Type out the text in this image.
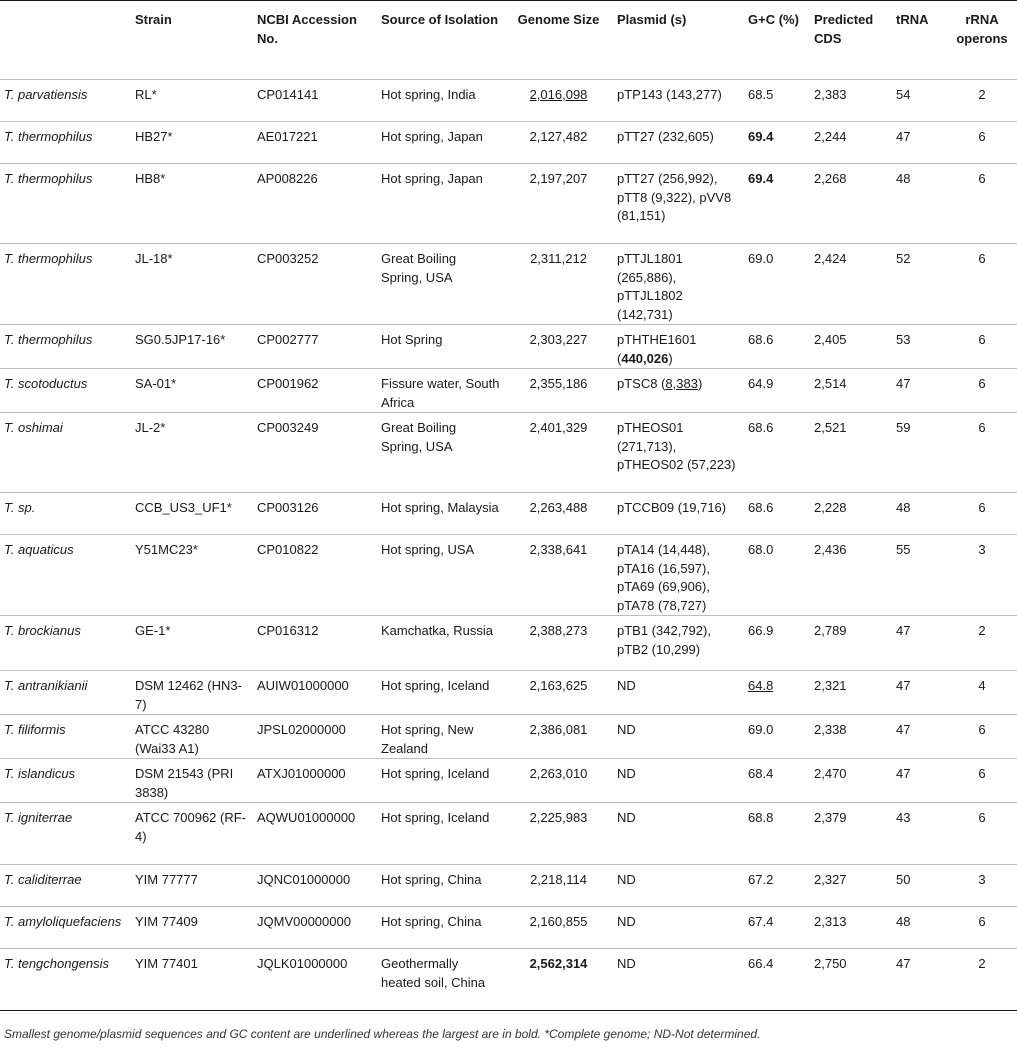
	Strain	NCBI Accession No.	Source of Isolation	Genome Size	Plasmid (s)	G+C (%)	Predicted CDS	tRNA	rRNA operons
T. parvatiensis	RL*	CP014141	Hot spring, India	2,016,098	pTP143 (143,277)	68.5	2,383	54	2
T. thermophilus	HB27*	AE017221	Hot spring, Japan	2,127,482	pTT27 (232,605)	69.4	2,244	47	6
T. thermophilus	HB8*	AP008226	Hot spring, Japan	2,197,207	pTT27 (256,992), pTT8 (9,322), pVV8 (81,151)	69.4	2,268	48	6
T. thermophilus	JL-18*	CP003252	Great Boiling Spring, USA	2,311,212	pTTJL1801 (265,886), pTTJL1802 (142,731)	69.0	2,424	52	6
T. thermophilus	SG0.5JP17-16*	CP002777	Hot Spring	2,303,227	pTHTHE1601 (440,026)	68.6	2,405	53	6
T. scotoductus	SA-01*	CP001962	Fissure water, South Africa	2,355,186	pTSC8 (8,383)	64.9	2,514	47	6
T. oshimai	JL-2*	CP003249	Great Boiling Spring, USA	2,401,329	pTHEOS01 (271,713), pTHEOS02 (57,223)	68.6	2,521	59	6
T. sp.	CCB_US3_UF1*	CP003126	Hot spring, Malaysia	2,263,488	pTCCB09 (19,716)	68.6	2,228	48	6
T. aquaticus	Y51MC23*	CP010822	Hot spring, USA	2,338,641	pTA14 (14,448), pTA16 (16,597), pTA69 (69,906), pTA78 (78,727)	68.0	2,436	55	3
T. brockianus	GE-1*	CP016312	Kamchatka, Russia	2,388,273	pTB1 (342,792), pTB2 (10,299)	66.9	2,789	47	2
T. antranikianii	DSM 12462 (HN3-7)	AUIW01000000	Hot spring, Iceland	2,163,625	ND	64.8	2,321	47	4
T. filiformis	ATCC 43280 (Wai33 A1)	JPSL02000000	Hot spring, New Zealand	2,386,081	ND	69.0	2,338	47	6
T. islandicus	DSM 21543 (PRI 3838)	ATXJ01000000	Hot spring, Iceland	2,263,010	ND	68.4	2,470	47	6
T. igniterrae	ATCC 700962 (RF-4)	AQWU01000000	Hot spring, Iceland	2,225,983	ND	68.8	2,379	43	6
T. caliditerrae	YIM 77777	JQNC01000000	Hot spring, China	2,218,114	ND	67.2	2,327	50	3
T. amyloliquefaciens	YIM 77409	JQMV00000000	Hot spring, China	2,160,855	ND	67.4	2,313	48	6
T. tengchongensis	YIM 77401	JQLK01000000	Geothermally heated soil, China	2,562,314	ND	66.4	2,750	47	2
Smallest genome/plasmid sequences and GC content are underlined whereas the largest are in bold. *Complete genome; ND-Not determined.
